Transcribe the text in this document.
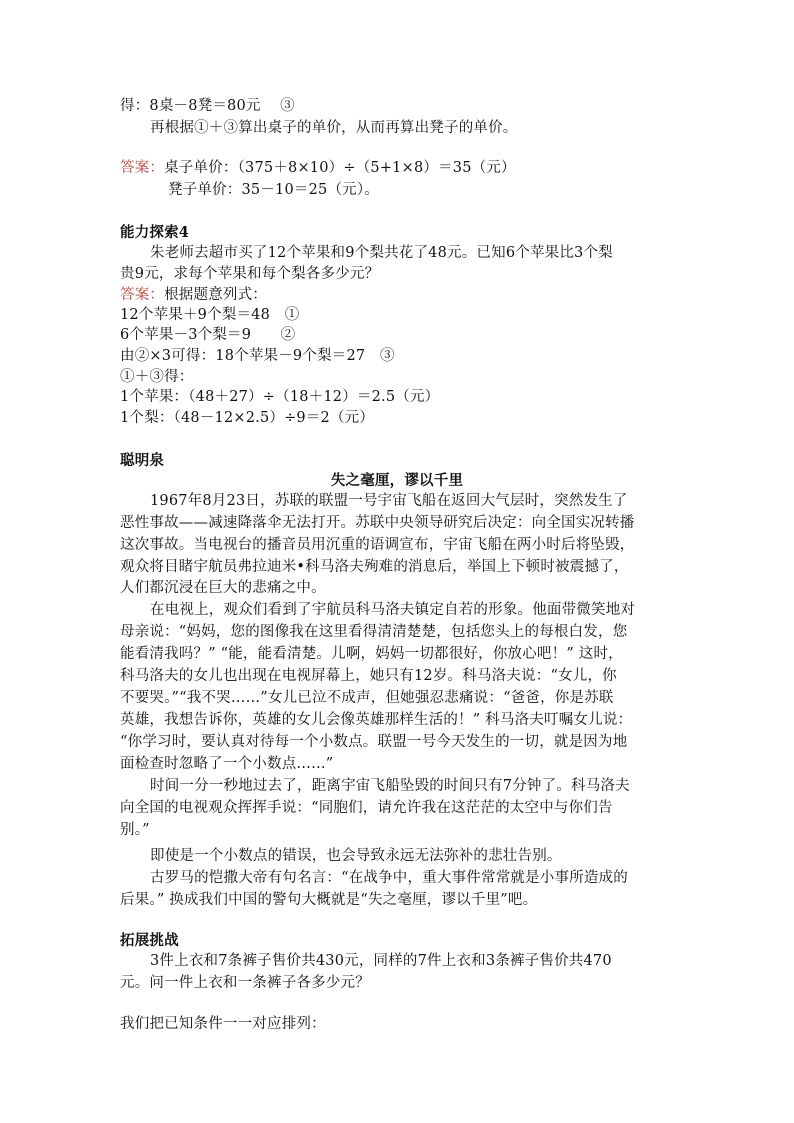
得：8桌－8凳＝80元　 ③
再根据①＋③算出桌子的单价，从而再算出凳子的单价。
答案：桌子单价：（375＋8×10）÷（5+1×8）＝35（元）
凳子单价：35－10＝25（元）。
能力探索4
朱老师去超市买了12个苹果和9个梨共花了48元。已知6个苹果比3个梨
贵9元，求每个苹果和每个梨各多少元？
答案：根据题意列式：
12个苹果＋9个梨＝48　①
6个苹果－3个梨＝9　　②
由②×3可得：18个苹果－9个梨＝27　③
①＋③得：
1个苹果：（48＋27）÷（18＋12）＝2.5（元）
1个梨：（48－12×2.5）÷9＝2（元）
聪明泉
失之毫厘，谬以千里
1967年8月23日，苏联的联盟一号宇宙飞船在返回大气层时，突然发生了
恶性事故——减速降落伞无法打开。苏联中央领导研究后决定：向全国实况转播
这次事故。当电视台的播音员用沉重的语调宣布，宇宙飞船在两小时后将坠毁，
观众将目睹宇航员弗拉迪米•科马洛夫殉难的消息后，举国上下顿时被震撼了，
人们都沉浸在巨大的悲痛之中。
在电视上，观众们看到了宇航员科马洛夫镇定自若的形象。他面带微笑地对
母亲说：“妈妈，您的图像我在这里看得清清楚楚，包括您头上的每根白发，您
能看清我吗？” “能，能看清楚。儿啊，妈妈一切都很好，你放心吧！” 这时，
科马洛夫的女儿也出现在电视屏幕上，她只有12岁。科马洛夫说：“女儿，你
不要哭。”“我不哭……”女儿已泣不成声，但她强忍悲痛说：“爸爸，你是苏联
英雄，我想告诉你，英雄的女儿会像英雄那样生活的！” 科马洛夫叮嘱女儿说：
“你学习时，要认真对待每一个小数点。联盟一号今天发生的一切，就是因为地
面检查时忽略了一个小数点……”
时间一分一秒地过去了，距离宇宙飞船坠毁的时间只有7分钟了。科马洛夫
向全国的电视观众挥挥手说：“同胞们，请允许我在这茫茫的太空中与你们告
别。”
即使是一个小数点的错误，也会导致永远无法弥补的悲壮告别。
古罗马的恺撒大帝有句名言：“在战争中，重大事件常常就是小事所造成的
后果。” 换成我们中国的警句大概就是“失之毫厘，谬以千里”吧。
拓展挑战
3件上衣和7条裤子售价共430元，同样的7件上衣和3条裤子售价共470
元。问一件上衣和一条裤子各多少元？
我们把已知条件一一对应排列：
